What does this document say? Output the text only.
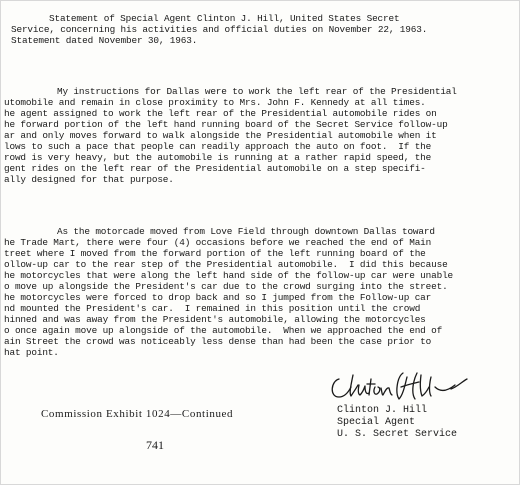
Statement of Special Agent Clinton J. Hill, United States Secret
Service, concerning his activities and official duties on November 22, 1963.
Statement dated November 30, 1963.
My instructions for Dallas were to work the left rear of the Presidential
utomobile and remain in close proximity to Mrs. John F. Kennedy at all times.
he agent assigned to work the left rear of the Presidential automobile rides on
he forward portion of the left hand running board of the Secret Service follow-up
ar and only moves forward to walk alongside the Presidential automobile when it
lows to such a pace that people can readily approach the auto on foot.  If the
rowd is very heavy, but the automobile is running at a rather rapid speed, the
gent rides on the left rear of the Presidential automobile on a step specifi-
ally designed for that purpose.
As the motorcade moved from Love Field through downtown Dallas toward
he Trade Mart, there were four (4) occasions before we reached the end of Main
treet where I moved from the forward portion of the left running board of the
ollow-up car to the rear step of the Presidential automobile.  I did this because
he motorcycles that were along the left hand side of the follow-up car were unable
o move up alongside the President's car due to the crowd surging into the street.
he motorcycles were forced to drop back and so I jumped from the Follow-up car
nd mounted the President's car.  I remained in this position until the crowd
hinned and was away from the President's automobile, allowing the motorcycles
o once again move up alongside of the automobile.  When we approached the end of
ain Street the crowd was noticeably less dense than had been the case prior to
hat point.
Clinton J. Hill
Special Agent
U. S. Secret Service
Commission Exhibit 1024—Continued
741
